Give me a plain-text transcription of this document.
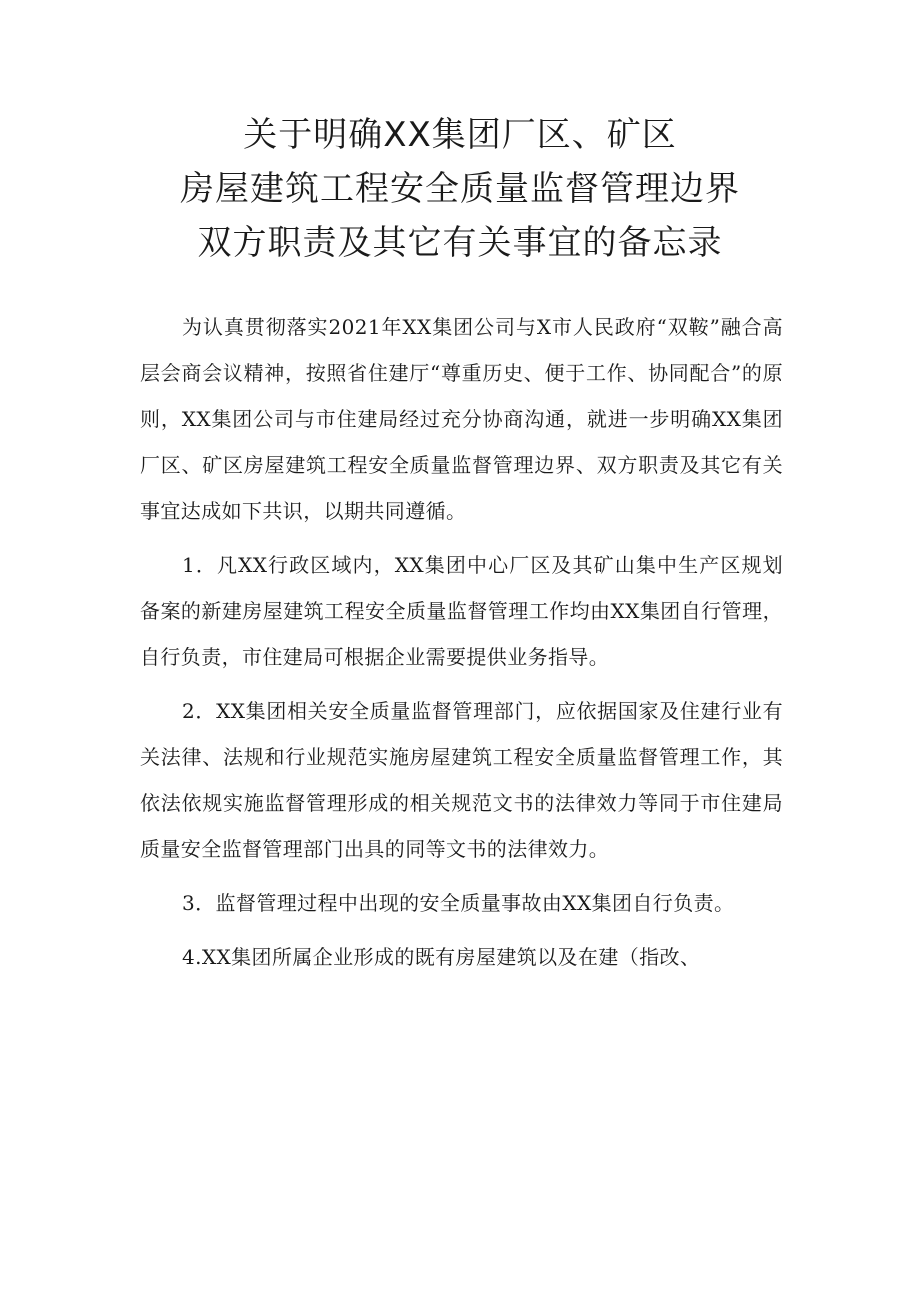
关于明确XX集团厂区、矿区
房屋建筑工程安全质量监督管理边界
双方职责及其它有关事宜的备忘录

为认真贯彻落实2021年XX集团公司与X市人民政府“双鞍”融合高层会商会议精神，按照省住建厅“尊重历史、便于工作、协同配合”的原则，XX集团公司与市住建局经过充分协商沟通，就进一步明确XX集团厂区、矿区房屋建筑工程安全质量监督管理边界、双方职责及其它有关事宜达成如下共识，以期共同遵循。

1．凡XX行政区域内，XX集团中心厂区及其矿山集中生产区规划备案的新建房屋建筑工程安全质量监督管理工作均由XX集团自行管理，自行负责，市住建局可根据企业需要提供业务指导。

2．XX集团相关安全质量监督管理部门，应依据国家及住建行业有关法律、法规和行业规范实施房屋建筑工程安全质量监督管理工作，其依法依规实施监督管理形成的相关规范文书的法律效力等同于市住建局质量安全监督管理部门出具的同等文书的法律效力。

3．监督管理过程中出现的安全质量事故由XX集团自行负责。

4.XX集团所属企业形成的既有房屋建筑以及在建（指改、
